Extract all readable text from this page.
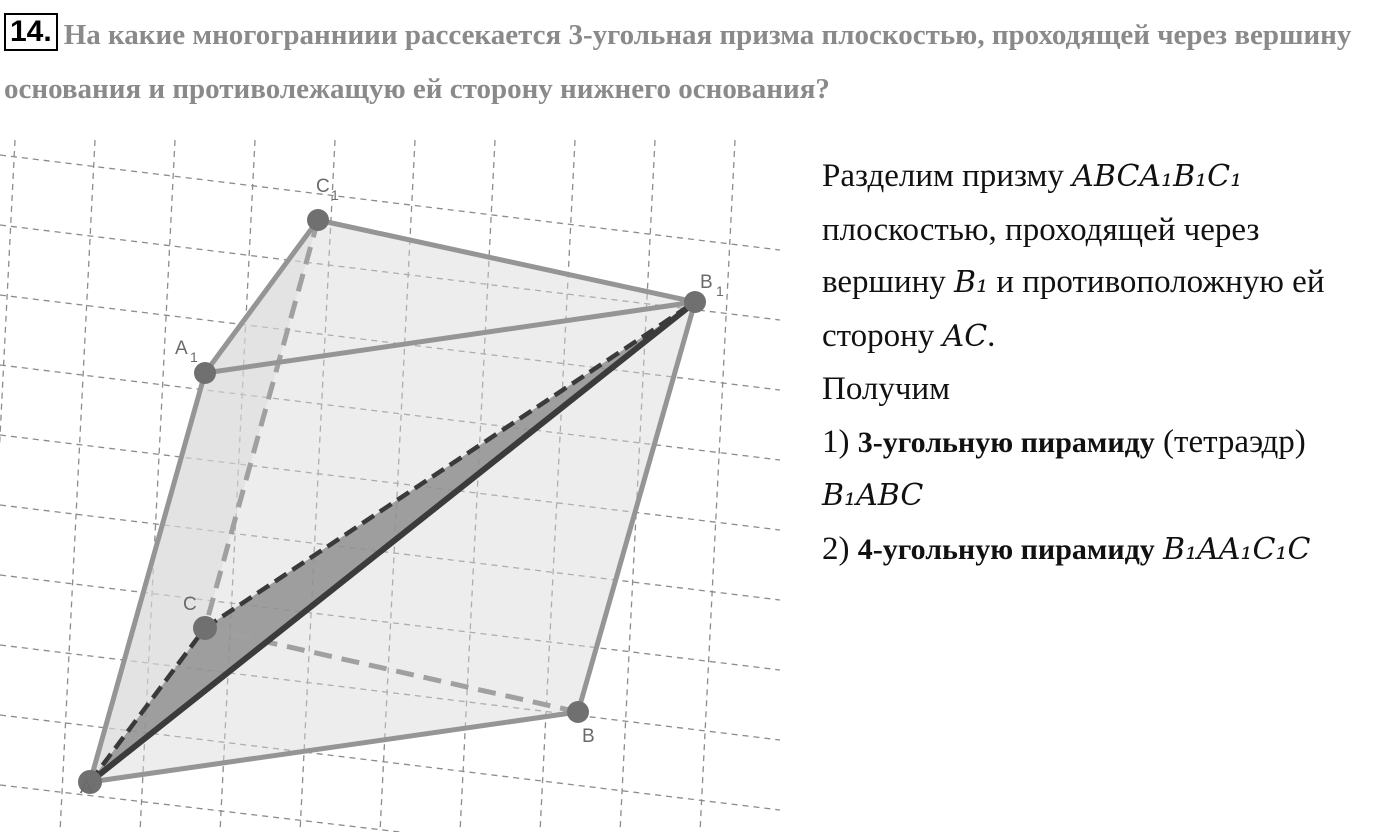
14. На какие многогранниии рассекается 3-угольная призма плоскостью, проходящей через вершину основания и противолежащую ей сторону нижнего основания?
C 1
A 1
B 1
C
B
A
Разделим призму ABCA₁B₁C₁
плоскостью, проходящей через
вершину B₁ и противоположную ей
сторону AC.
Получим
1) 3-угольную пирамиду (тетраэдр)
B₁ABC
2) 4-угольную пирамиду B₁AA₁C₁C
